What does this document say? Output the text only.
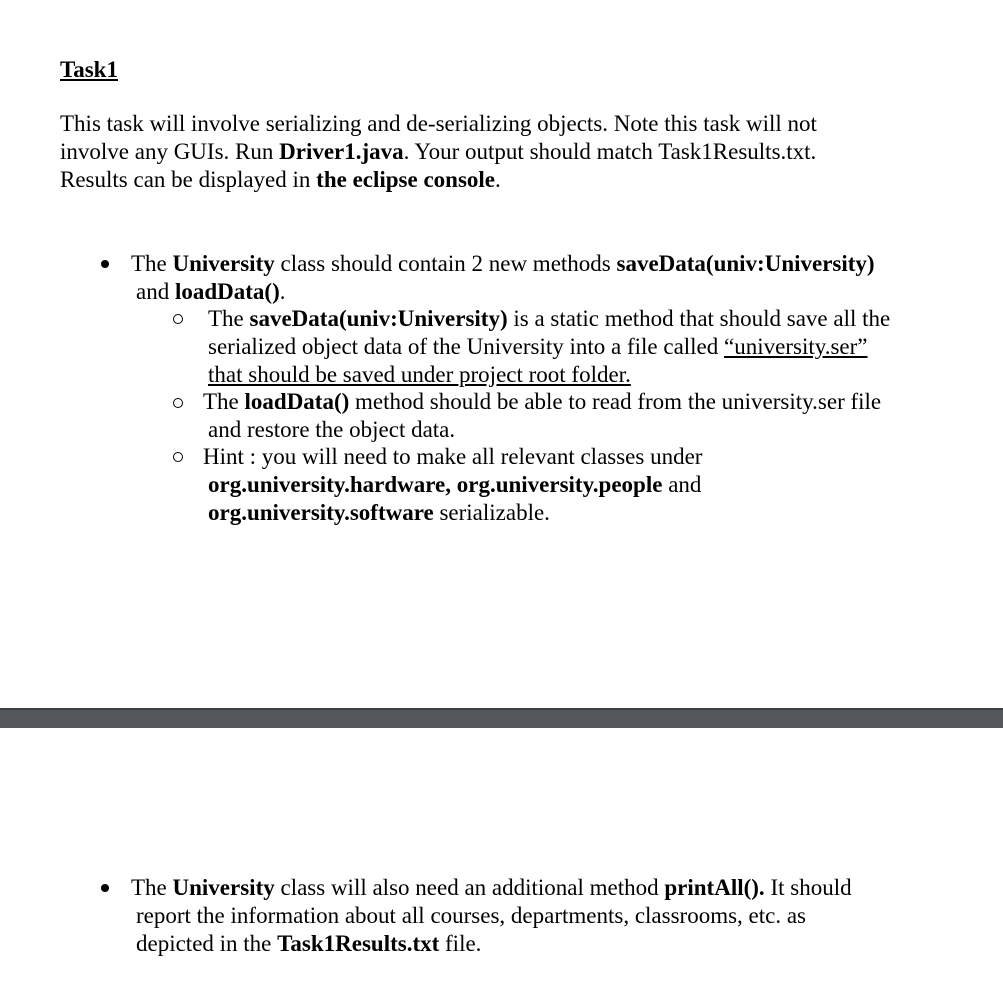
Task1

This task will involve serializing and de-serializing objects. Note this task will not
involve any GUIs. Run Driver1.java. Your output should match Task1Results.txt.
Results can be displayed in the eclipse console.

The University class should contain 2 new methods saveData(univ:University)
and loadData().
The saveData(univ:University) is a static method that should save all the
serialized object data of the University into a file called “university.ser”
that should be saved under project root folder.
The loadData() method should be able to read from the university.ser file
and restore the object data.
Hint : you will need to make all relevant classes under
org.university.hardware, org.university.people and
org.university.software serializable.
The University class will also need an additional method printAll(). It should
report the information about all courses, departments, classrooms, etc. as
depicted in the Task1Results.txt file.
